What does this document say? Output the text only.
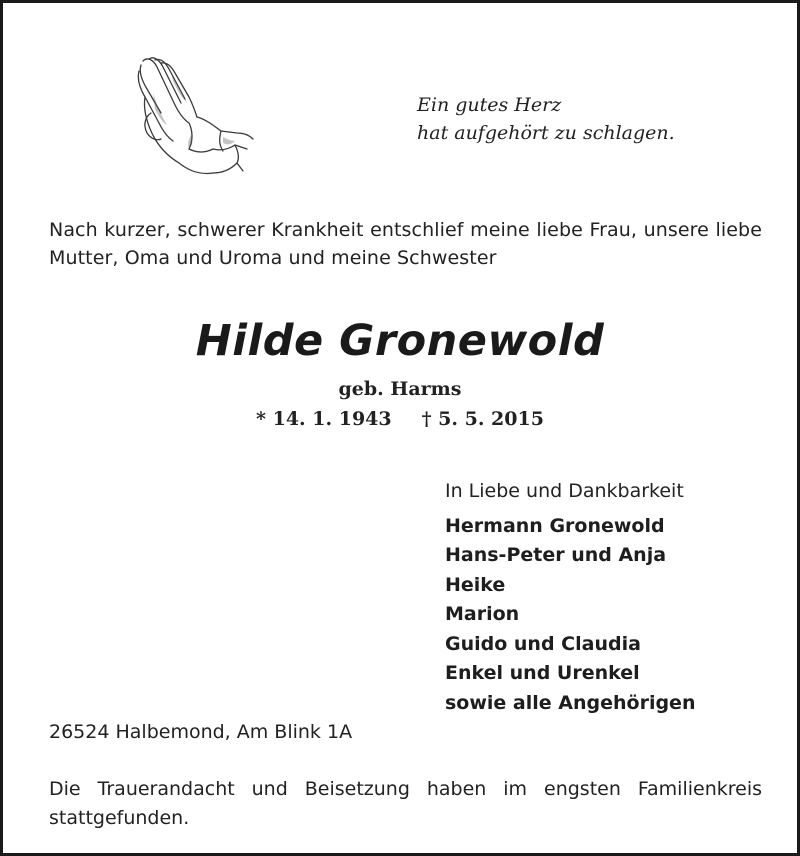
Ein gutes Herz
hat aufgehört zu schlagen.
Nach kurzer, schwerer Krankheit entschlief meine liebe Frau, unsere liebe Mutter, Oma und Uroma und meine Schwester
Hilde Gronewold
geb. Harms
* 14. 1. 1943 † 5. 5. 2015
In Liebe und Dankbarkeit
Hermann Gronewold
Hans-Peter und Anja
Heike
Marion
Guido und Claudia
Enkel und Urenkel
sowie alle Angehörigen
26524 Halbemond, Am Blink 1A
Die Trauerandacht und Beisetzung haben im engsten Familienkreis stattgefunden.
